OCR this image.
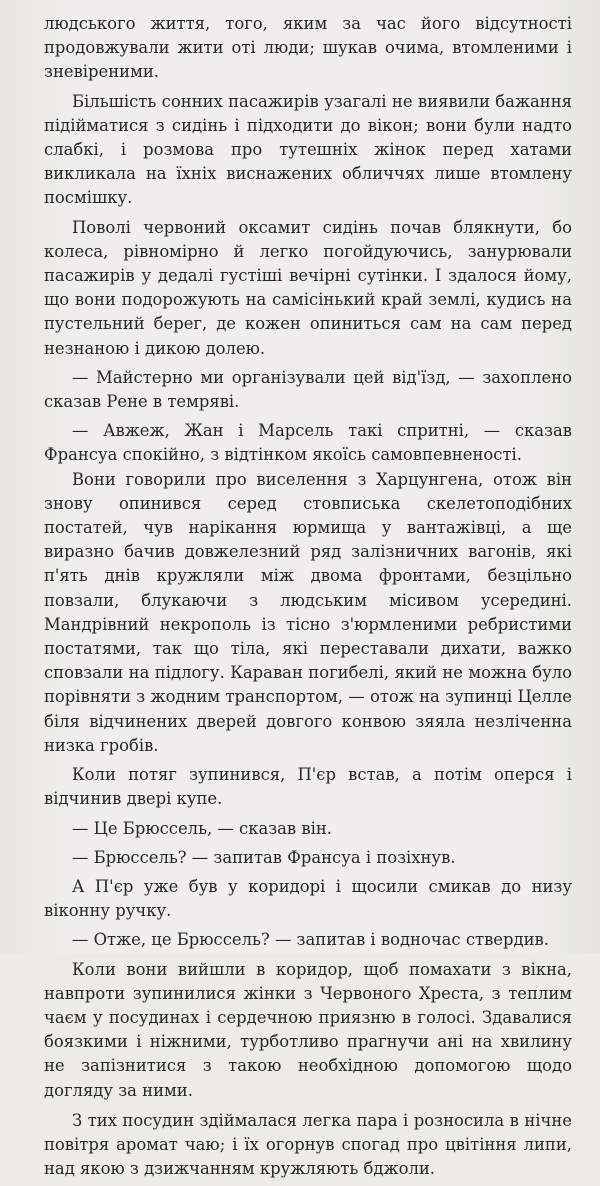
людського життя, того, яким за час його відсутності продовжували жити оті люди; шукав очима, втомленими і зневіреними.

Більшість сонних пасажирів узагалі не виявили бажання підійматися з сидінь і підходити до вікон; вони були надто слабкі, і розмова про тутешніх жінок перед хатами викликала на їхніх виснажених обличчях лише втомлену посмішку.

Поволі червоний оксамит сидінь почав блякнути, бо колеса, рівномірно й легко погойдуючись, занурювали пасажирів у дедалі густіші вечірні сутінки. І здалося йому, що вони подорожують на самісінький край землі, кудись на пустельний берег, де кожен опиниться сам на сам перед незнаною і дикою долею.

— Майстерно ми організували цей від'їзд, — захоплено сказав Рене в темряві.

— Авжеж, Жан і Марсель такі спритні, — сказав Франсуа спокійно, з відтінком якоїсь самовпевненості.

Вони говорили про виселення з Харцунгена, отож він знову опинився серед стовписька скелетоподібних постатей, чув нарікання юрмища у вантажівці, а ще виразно бачив довжелезний ряд залізничних вагонів, які п'ять днів кружляли між двома фронтами, безцільно повзали, блукаючи з людським місивом усередині. Мандрівний некрополь із тісно з'юрмленими ребристими постатями, так що тіла, які переставали дихати, важко сповзали на підлогу. Караван погибелі, який не можна було порівняти з жодним транспортом, — отож на зупинці Целле біля відчинених дверей довгого конвою зяяла незліченна низка гробів.

Коли потяг зупинився, П'єр встав, а потім оперся і відчинив двері купе.

— Це Брюссель, — сказав він.

— Брюссель? — запитав Франсуа і позіхнув.

А П'єр уже був у коридорі і щосили смикав до низу віконну ручку.

— Отже, це Брюссель? — запитав і водночас ствердив.

Коли вони вийшли в коридор, щоб помахати з вікна, навпроти зупинилися жінки з Червоного Хреста, з теплим чаєм у посудинах і сердечною приязню в голосі. Здавалися боязкими і ніжними, турботливо прагнучи ані на хвилину не запізнитися з такою необхідною допомогою щодо догляду за ними.

З тих посудин здіймалася легка пара і розносила в нічне повітря аромат чаю; і їх огорнув спогад про цвітіння липи, над якою з дзижчанням кружляють бджоли.
